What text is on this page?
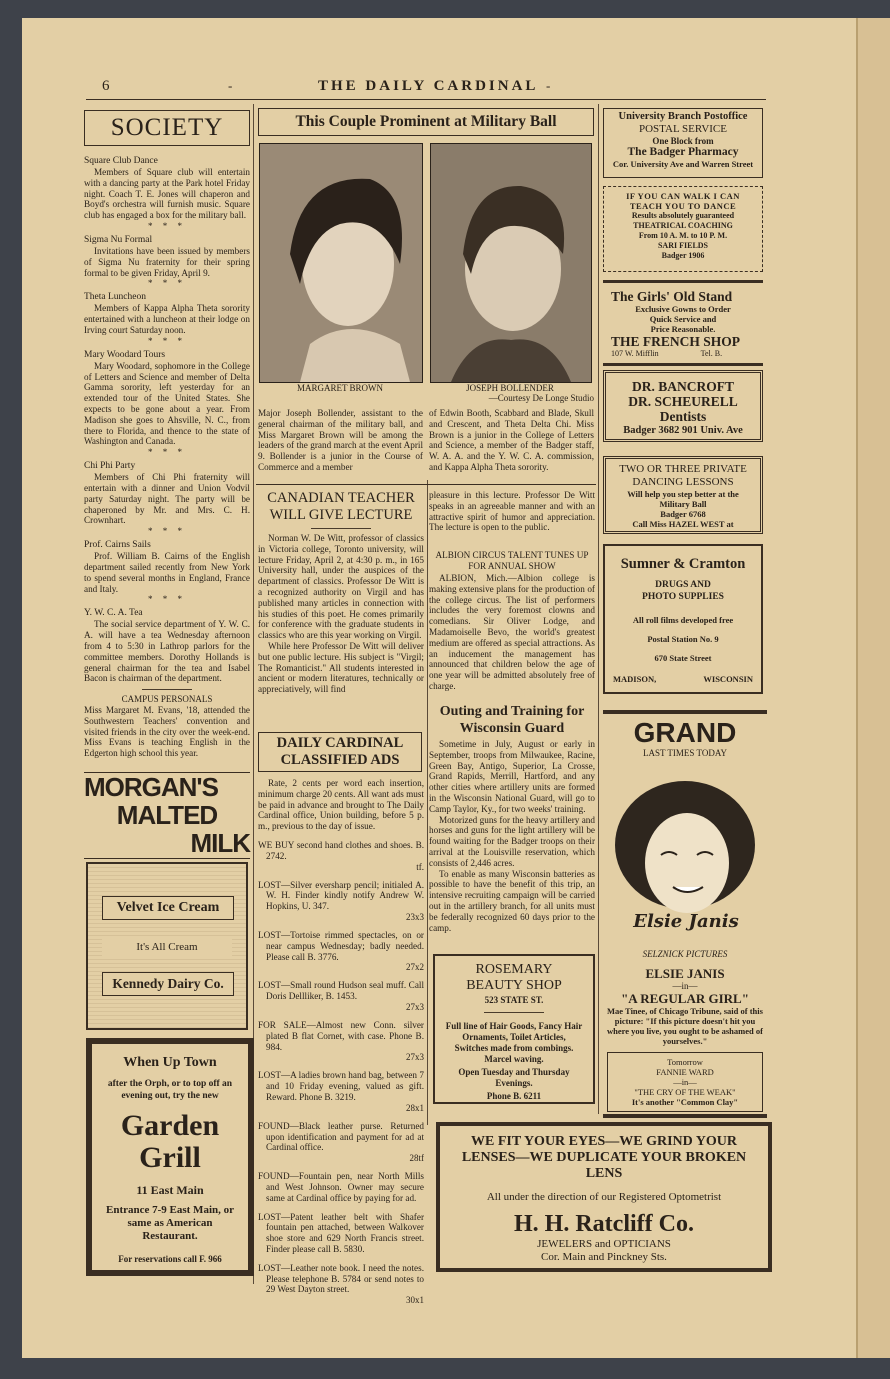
6	-	THE DAILY CARDINAL -
SOCIETY
Square Club Dance

Members of Square club will entertain with a dancing party at the Park hotel Friday night. Coach T. E. Jones will chaperon and Boyd's orchestra will furnish music. Square club has engaged a box for the military ball.

* * *
Sigma Nu Formal

Invitations have been issued by members of Sigma Nu fraternity for their spring formal to be given Friday, April 9.

* * *
Theta Luncheon

Members of Kappa Alpha Theta sorority entertained with a luncheon at their lodge on Irving court Saturday noon.

* * *
Mary Woodard Tours

Mary Woodard, sophomore in the College of Letters and Science and member of Delta Gamma sorority, left yesterday for an extended tour of the United States. She expects to be gone about a year. From Madison she goes to Ahsville, N. C., from there to Florida, and thence to the state of Washington and Canada.

* * *
Chi Phi Party

Members of Chi Phi fraternity will entertain with a dinner and Union Vodvil party Saturday night. The party will be chaperoned by Mr. and Mrs. C. H. Crownhart.

* * *
Prof. Cairns Sails

Prof. William B. Cairns of the English department sailed recently from New York to spend several months in England, France and Italy.

* * *
Y. W. C. A. Tea

The social service department of Y. W. C. A. will have a tea Wednesday afternoon from 4 to 5:30 in Lathrop parlors for the committee members. Dorothy Hollands is general chairman for the tea and Isabel Bacon is chairman of the department.

CAMPUS PERSONALS

Miss Margaret M. Evans, '18, attended the Southwestern Teachers' convention and visited friends in the city over the week-end. Miss Evans is teaching English in the Edgerton high school this year.

MORGAN'S
MALTED
MILK
Velvet Ice Cream
It's All Cream
Kennedy Dairy Co.
When Up Town
after the Orph, or to top off an evening out, try the new
Garden
Grill
11 East Main
Entrance 7-9 East Main, or same as American Restaurant.
For reservations call F. 966
This Couple Prominent at Military Ball
MARGARET BROWN	JOSEPH BOLLENDER
—Courtesy De Longe Studio

Major Joseph Bollender, assistant to the general chairman of the military ball, and Miss Margaret Brown will be among the leaders of the grand march at the event April 9. Bollender is a junior in the Course of Commerce and a member

of Edwin Booth, Scabbard and Blade, Skull and Crescent, and Theta Delta Chi. Miss Brown is a junior in the College of Letters and Science, a member of the Badger staff, W. A. A. and the Y. W. C. A. commission, and Kappa Alpha Theta sorority.

CANADIAN TEACHER WILL GIVE LECTURE

Norman W. De Witt, professor of classics in Victoria college, Toronto university, will lecture Friday, April 2, at 4:30 p. m., in 165 University hall, under the auspices of the department of classics. Professor De Witt is a recognized authority on Virgil and has published many articles in connection with his studies of this poet. He comes primarily for conference with the graduate students in classics who are this year working on Virgil.

While here Professor De Witt will deliver but one public lecture. His subject is "Virgil; The Romanticist." All students interested in ancient or modern literatures, technically or appreciatively, will find

DAILY CARDINAL CLASSIFIED ADS

Rate, 2 cents per word each insertion, minimum charge 20 cents. All want ads must be paid in advance and brought to The Daily Cardinal office, Union building, before 5 p. m., previous to the day of issue.

WE BUY second hand clothes and shoes. B. 2742.

tf.

LOST—Silver eversharp pencil; initialed A. W. H. Finder kindly notify Andrew W. Hopkins, U. 347.

23x3

LOST—Tortoise rimmed spectacles, on or near campus Wednesday; badly needed. Please call B. 3776.

27x2

LOST—Small round Hudson seal muff. Call Doris Dellliker, B. 1453.

27x3

FOR SALE—Almost new Conn. silver plated B flat Cornet, with case. Phone B. 984.

27x3

LOST—A ladies brown hand bag, between 7 and 10 Friday evening, valued as gift. Reward. Phone B. 3219.

28x1

FOUND—Black leather purse. Returned upon identification and payment for ad at Cardinal office.

28tf

FOUND—Fountain pen, near North Mills and West Johnson. Owner may secure same at Cardinal office by paying for ad.

LOST—Patent leather belt with Shafer fountain pen attached, between Walkover shoe store and 629 North Francis street. Finder please call B. 5830.

LOST—Leather note book. I need the notes. Please telephone B. 5784 or send notes to 29 West Dayton street.

30x1

pleasure in this lecture. Professor De Witt speaks in an agreeable manner and with an attractive spirit of humor and appreciation. The lecture is open to the public.

ALBION CIRCUS TALENT TUNES UP FOR ANNUAL SHOW

ALBION, Mich.—Albion college is making extensive plans for the production of the college circus. The list of performers includes the very foremost clowns and comedians. Sir Oliver Lodge, and Madamoiselle Bevo, the world's greatest medium are offered as special attractions. As an inducement the management has announced that children below the age of one year will be admitted absolutely free of charge.

Outing and Training for Wisconsin Guard

Sometime in July, August or early in September, troops from Milwaukee, Racine, Green Bay, Antigo, Superior, La Crosse, Grand Rapids, Merrill, Hartford, and any other cities where artillery units are formed in the Wisconsin National Guard, will go to Camp Taylor, Ky., for two weeks' training.

Motorized guns for the heavy artillery and horses and guns for the light artillery will be found waiting for the Badger troops on their arrival at the Louisville reservation, which consists of 2,446 acres.

To enable as many Wisconsin batteries as possible to have the benefit of this trip, an intensive recruiting campaign will be carried out in the artillery branch, for all units must be federally recognized 60 days prior to the camp.

ROSEMARY
BEAUTY SHOP
523 STATE ST.
Full line of Hair Goods, Fancy Hair Ornaments, Toilet Articles, Switches made from combings. Marcel waving.
Open Tuesday and Thursday Evenings.
Phone B. 6211
University Branch Postoffice
POSTAL SERVICE
One Block from
The Badger Pharmacy
Cor. University Ave and Warren Street
IF YOU CAN WALK I CAN TEACH YOU TO DANCE
Results absolutely guaranteed
THEATRICAL COACHING
From 10 A. M. to 10 P. M.
SARI FIELDS
Badger 1906
The Girls' Old Stand
Exclusive Gowns to Order
Quick Service and
Price Reasonable.
THE FRENCH SHOP
107 W. Mifflin	Tel. B.
DR. BANCROFT
DR. SCHEURELL
Dentists
Badger 3682 901 Univ. Ave
TWO OR THREE PRIVATE DANCING LESSONS
Will help you step better at the Military Ball
Badger 6768
Call Miss HAZEL WEST at
Sumner & Cramton
DRUGS AND
PHOTO SUPPLIES
All roll films developed free
Postal Station No. 9
670 State Street
MADISON,	WISCONSIN
GRAND
LAST TIMES TODAY
Elsie Janis
SELZNICK PICTURES
ELSIE JANIS
—in—
"A REGULAR GIRL"
Mae Tinee, of Chicago Tribune, said of this picture: "If this picture doesn't hit you where you live, you ought to be ashamed of yourselves."
Tomorrow
FANNIE WARD
—in—
"THE CRY OF THE WEAK"
It's another "Common Clay"
WE FIT YOUR EYES—WE GRIND YOUR LENSES—WE DUPLICATE YOUR BROKEN LENS
All under the direction of our Registered Optometrist
H. H. Ratcliff Co.
JEWELERS and OPTICIANS
Cor. Main and Pinckney Sts.
